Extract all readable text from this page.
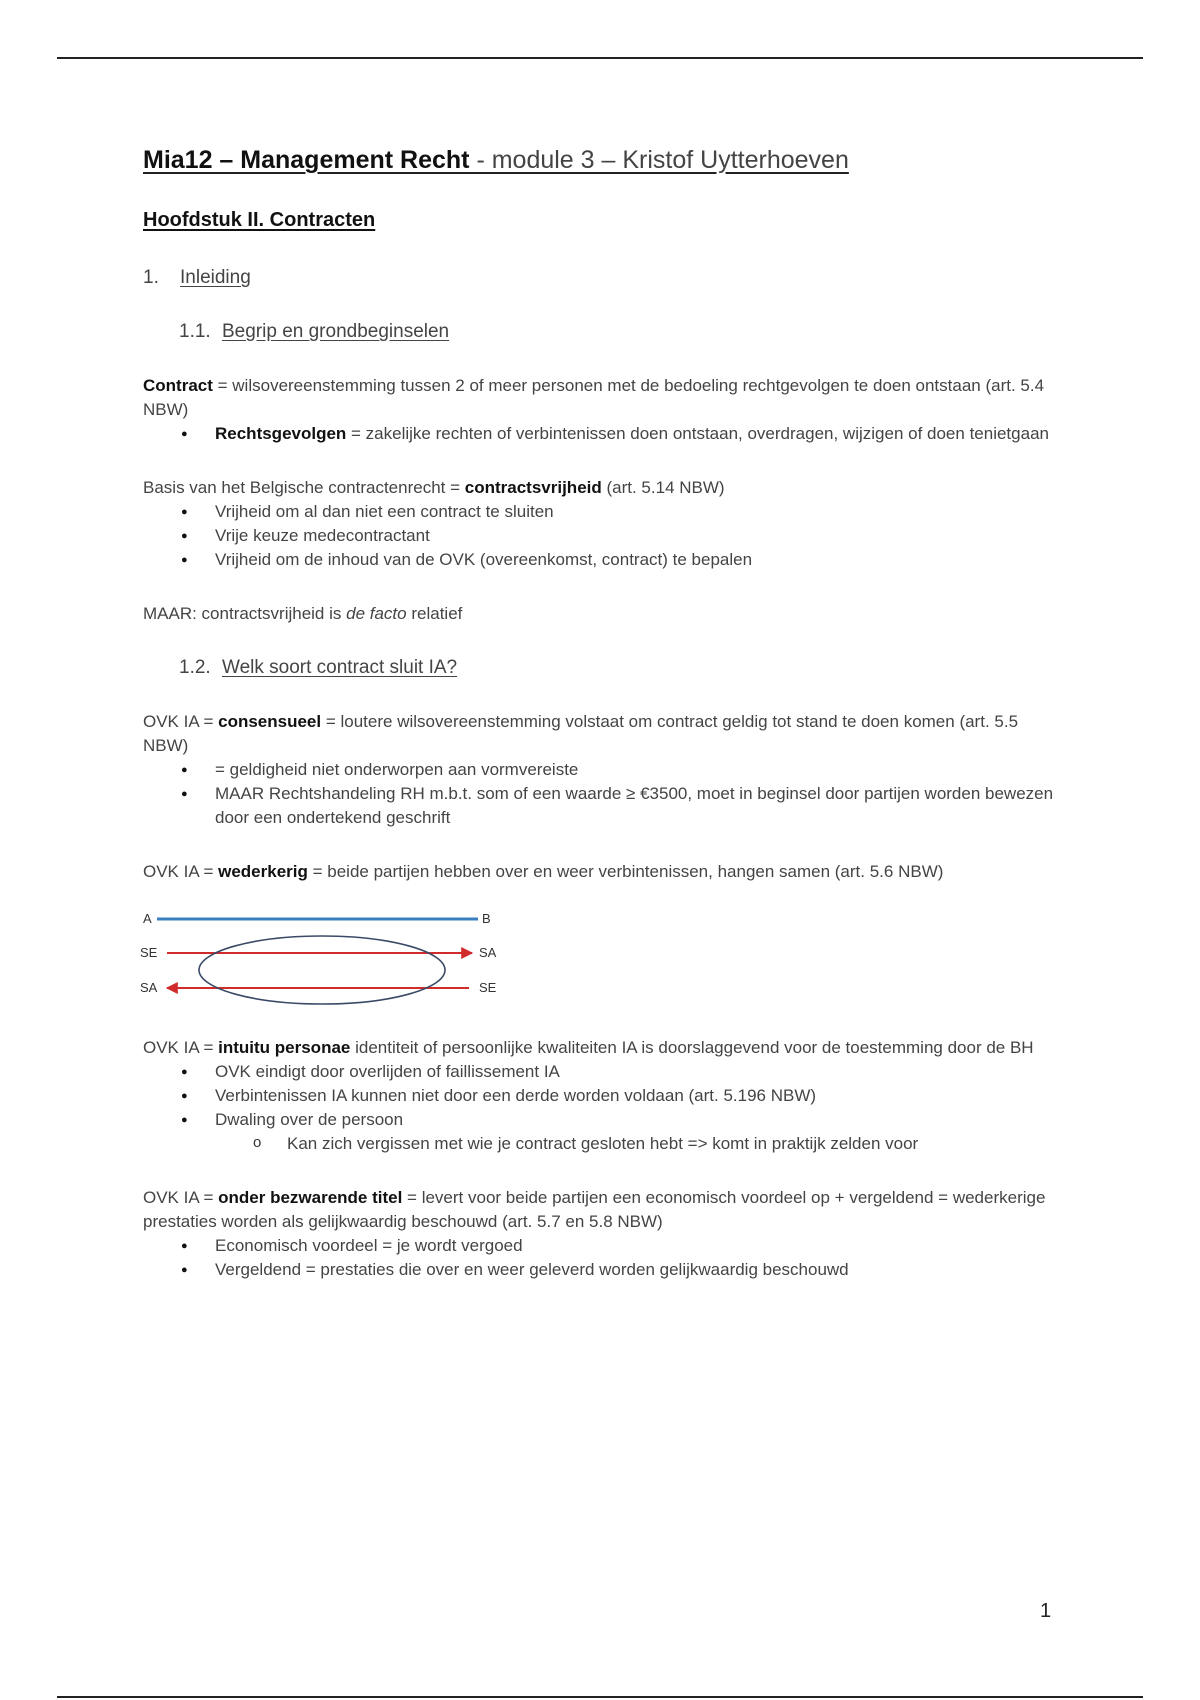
Mia12 – Management Recht - module 3 – Kristof Uytterhoeven
Hoofdstuk II. Contracten
1. Inleiding
1.1. Begrip en grondbeginselen

Contract = wilsovereenstemming tussen 2 of meer personen met de bedoeling rechtgevolgen te doen ontstaan (art. 5.4 NBW)

● Rechtsgevolgen = zakelijke rechten of verbintenissen doen ontstaan, overdragen, wijzigen of doen tenietgaan

Basis van het Belgische contractenrecht = contractsvrijheid (art. 5.14 NBW)

● Vrijheid om al dan niet een contract te sluiten
● Vrije keuze medecontractant
● Vrijheid om de inhoud van de OVK (overeenkomst, contract) te bepalen

MAAR: contractsvrijheid is de facto relatief

1.2. Welk soort contract sluit IA?

OVK IA = consensueel = loutere wilsovereenstemming volstaat om contract geldig tot stand te doen komen (art. 5.5 NBW)

● = geldigheid niet onderworpen aan vormvereiste
● MAAR Rechtshandeling RH m.b.t. som of een waarde ≥ €3500, moet in beginsel door partijen worden bewezen door een ondertekend geschrift

OVK IA = wederkerig = beide partijen hebben over en weer verbintenissen, hangen samen (art. 5.6 NBW)

A	B
SE	SA
SA	SE

OVK IA = intuitu personae identiteit of persoonlijke kwaliteiten IA is doorslaggevend voor de toestemming door de BH

● OVK eindigt door overlijden of faillissement IA
● Verbintenissen IA kunnen niet door een derde worden voldaan (art. 5.196 NBW)
● Dwaling over de persoon
o Kan zich vergissen met wie je contract gesloten hebt => komt in praktijk zelden voor

OVK IA = onder bezwarende titel = levert voor beide partijen een economisch voordeel op + vergeldend = wederkerige prestaties worden als gelijkwaardig beschouwd (art. 5.7 en 5.8 NBW)

● Economisch voordeel = je wordt vergoed
● Vergeldend = prestaties die over en weer geleverd worden gelijkwaardig beschouwd
1
